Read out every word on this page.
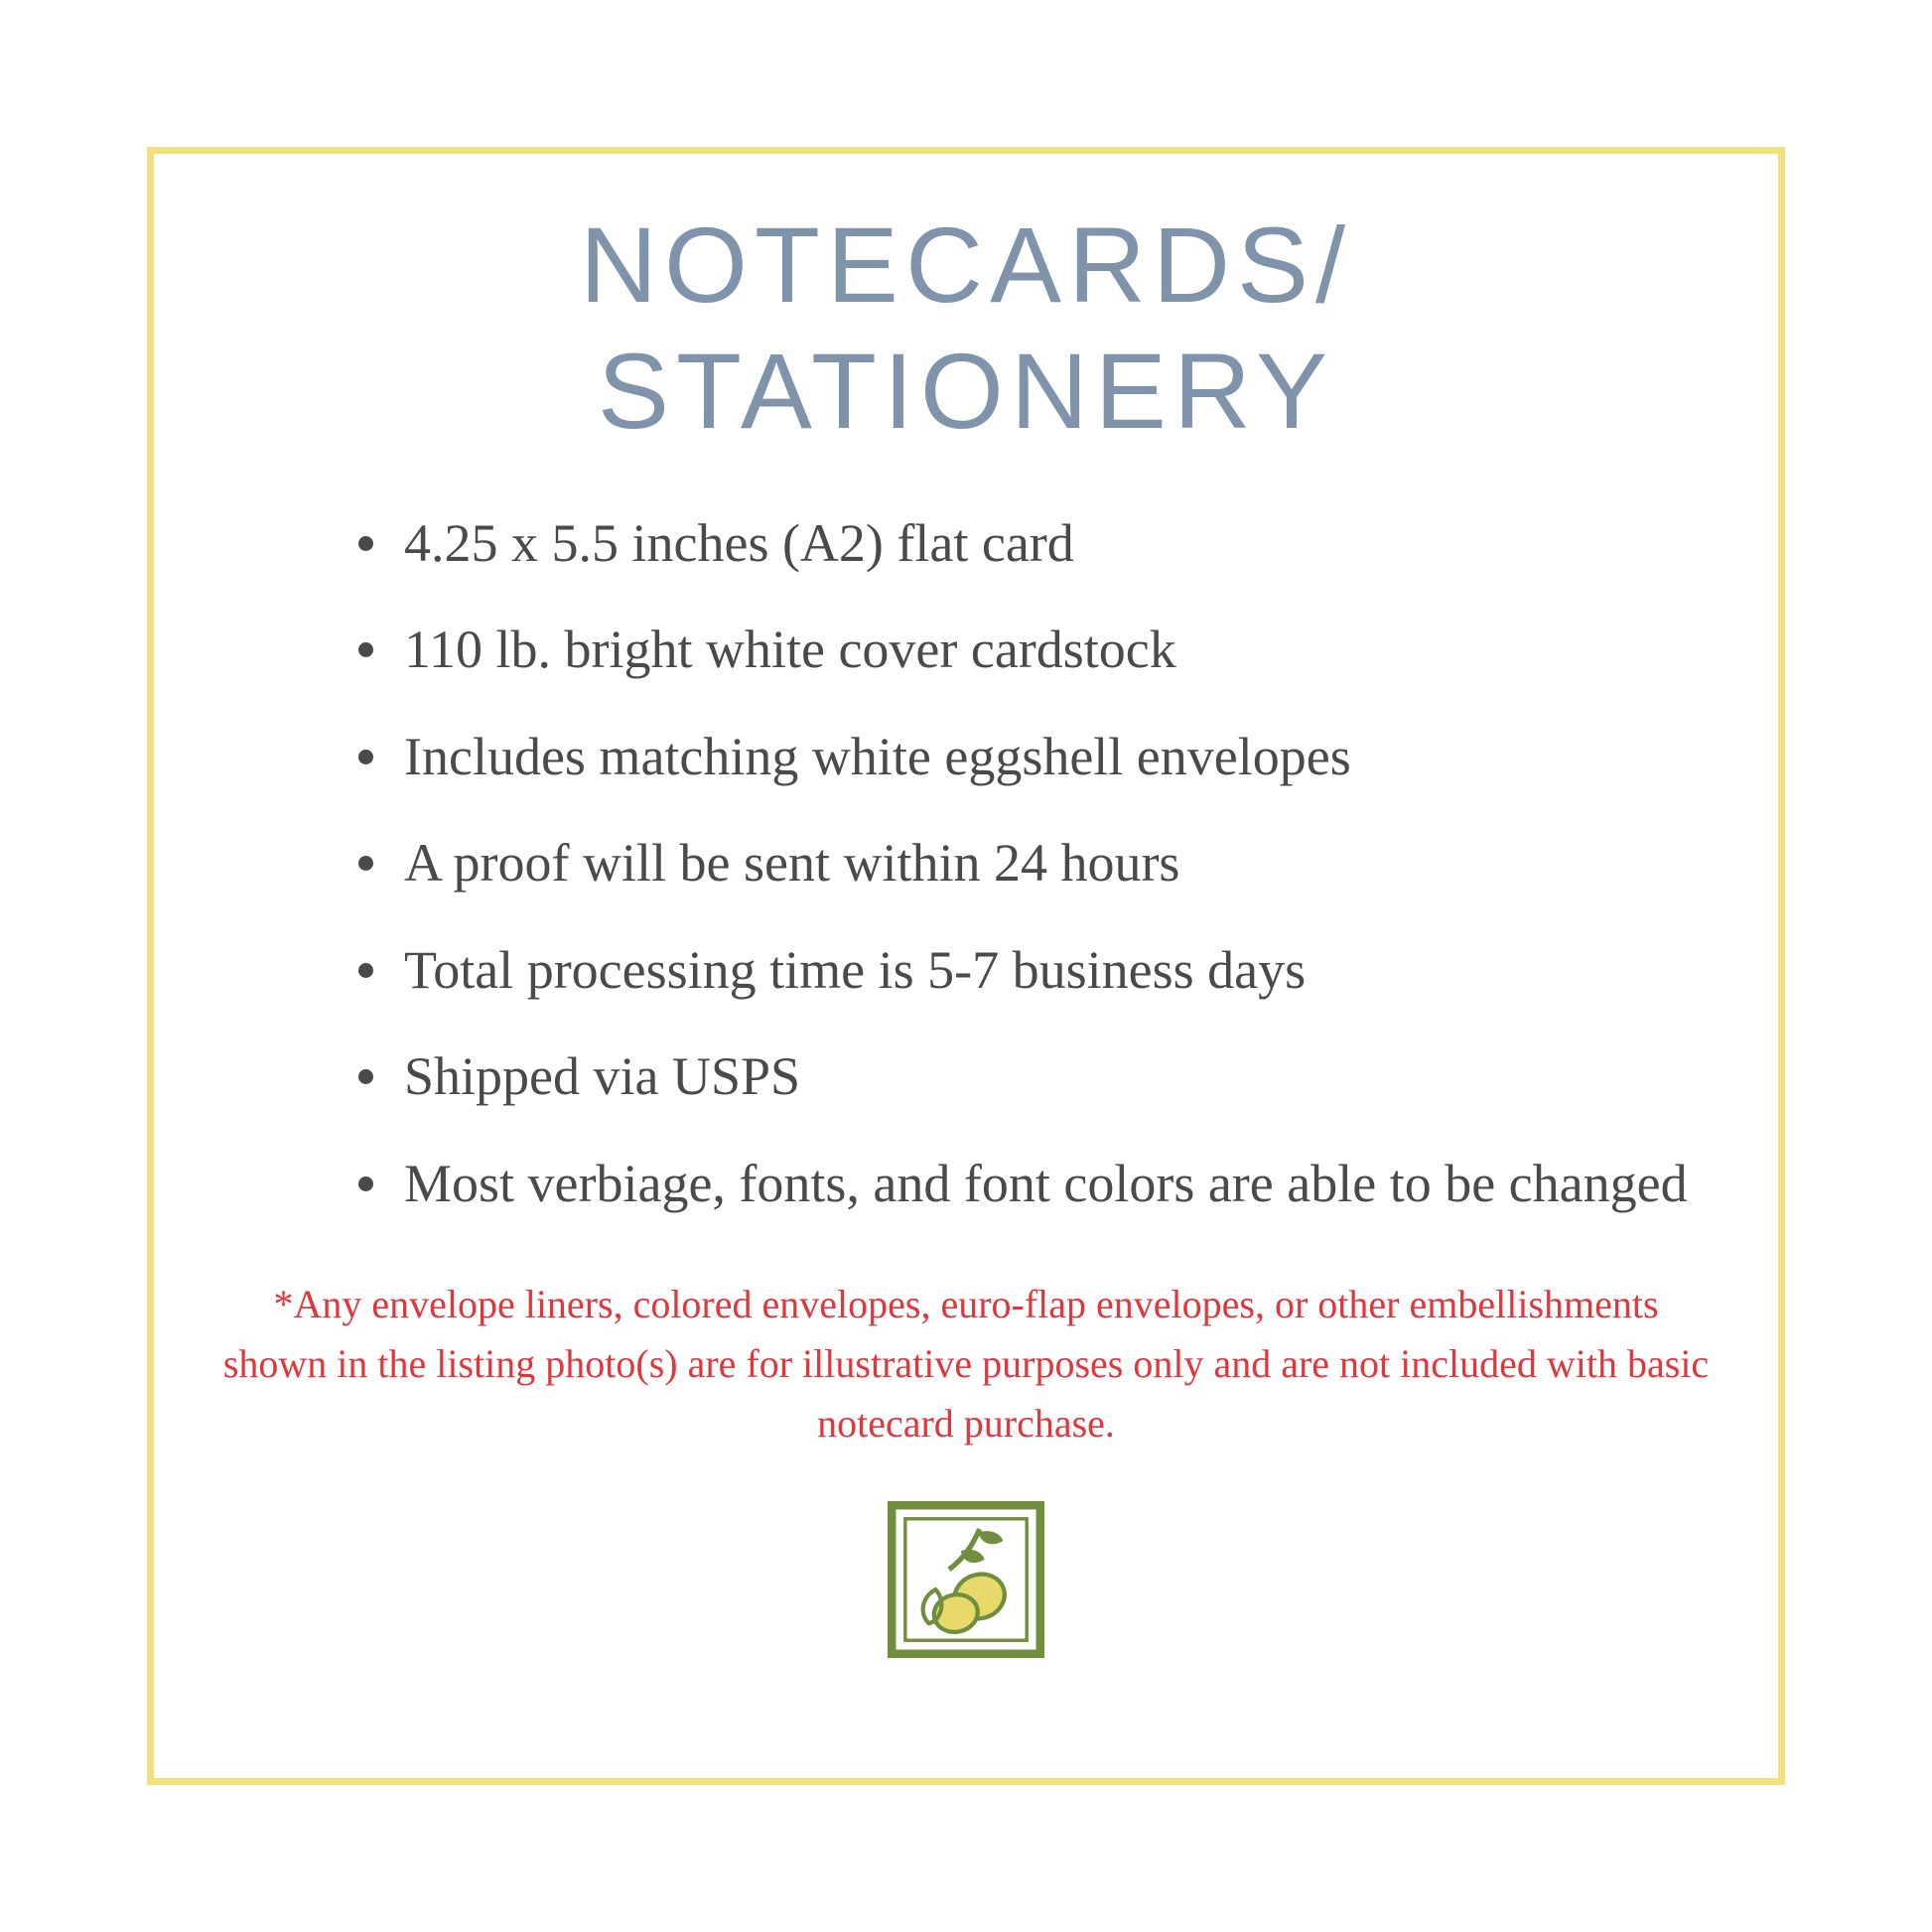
NOTECARDS/
STATIONERY
4.25 x 5.5 inches (A2) flat card
110 lb. bright white cover cardstock
Includes matching white eggshell envelopes
A proof will be sent within 24 hours
Total processing time is 5-7 business days
Shipped via USPS
Most verbiage, fonts, and font colors are able to be changed
*Any envelope liners, colored envelopes, euro-flap envelopes, or other embellishments shown in the listing photo(s) are for illustrative purposes only and are not included with basic notecard purchase.
